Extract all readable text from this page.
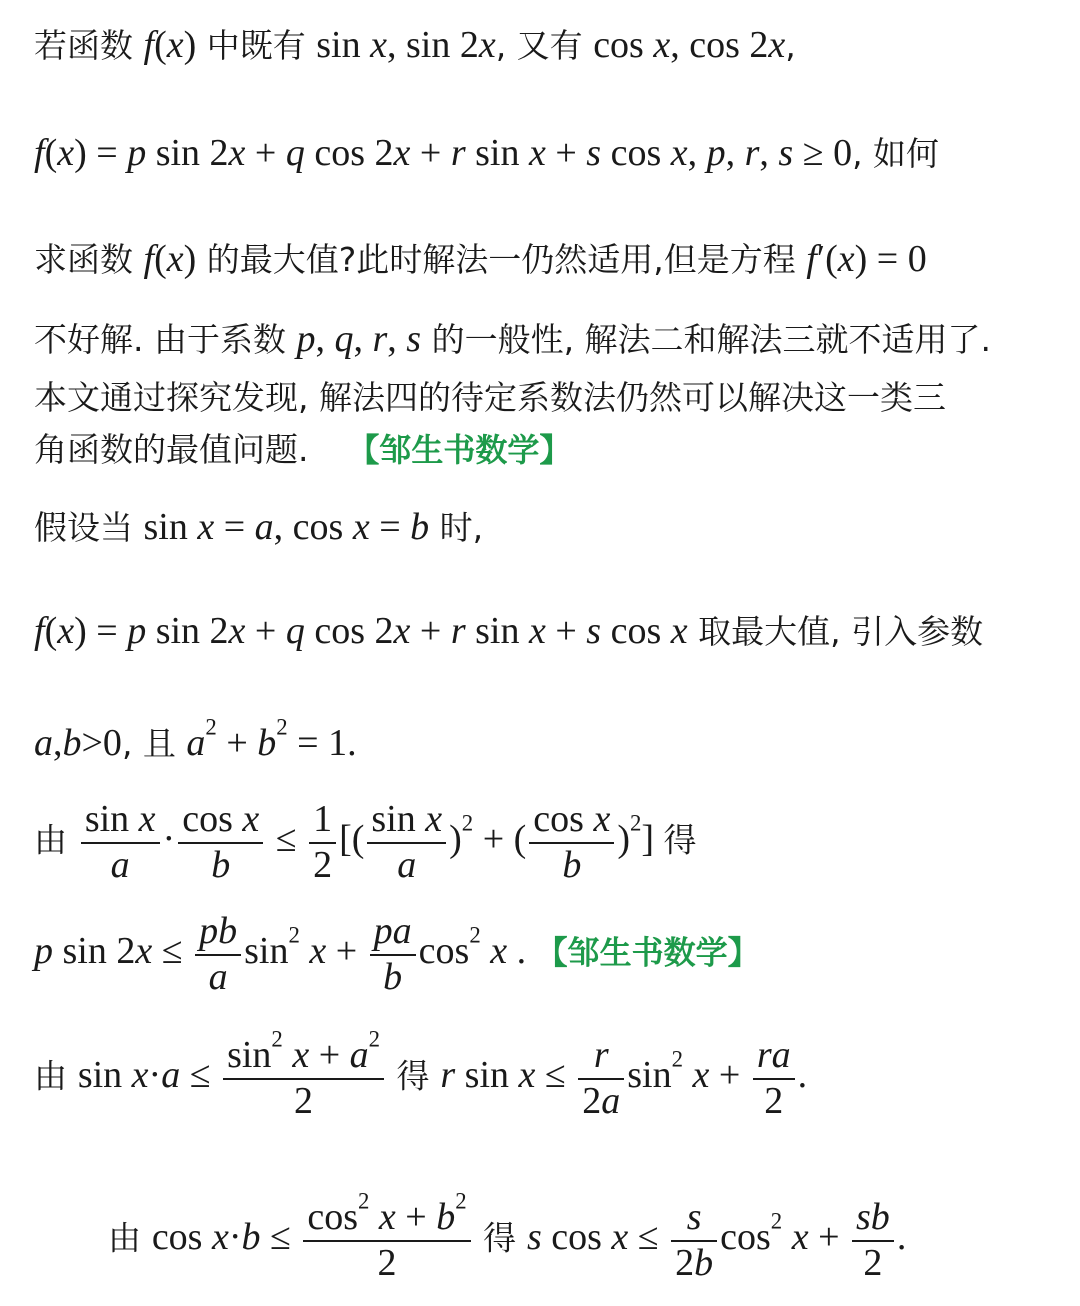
若函数 f(x) 中既有 sin x, sin 2x, 又有 cos x, cos 2x,
f(x) = p sin 2x + q cos 2x + r sin x + s cos x, p, r, s ≥ 0, 如何
求函数 f(x) 的最大值?此时解法一仍然适用,但是方程 f′(x) = 0
不好解. 由于系数 p, q, r, s 的一般性, 解法二和解法三就不适用了.
本文通过探究发现, 解法四的待定系数法仍然可以解决这一类三
角函数的最值问题. 【邹生书数学】
假设当 sin x = a, cos x = b 时,
f(x) = p sin 2x + q cos 2x + r sin x + s cos x 取最大值, 引入参数
a,b>0, 且 $a^2 + b^2 = 1$.
由 $\frac{\text{sin x}}{a} \cdot \frac{\text{cos x}}{b} \le \frac{1}{2}$ [( $\frac{\text{sin x}}{a} )^2$ + ( $\frac{\text{cos x}}{b} )^2$] 得
p $\sin 2x \le \frac{pb}{a} \sin^2 x + \frac{pa}{b} \cos^2 x$ . 【邹生书数学】
由 $\sin x\cdot a \le \frac{\sin^2 x + a^2}{2}$ 得 r $\sin x \le \frac{r}{2a} \sin^2 x + \frac{ra}{2}$ .
由 $\cos x\cdot b \le \frac{\cos^2 x + b^2}{2}$ 得 s $\cos x \le \frac{s}{2b} \cos^2 x + \frac{sb}{2}$ .
